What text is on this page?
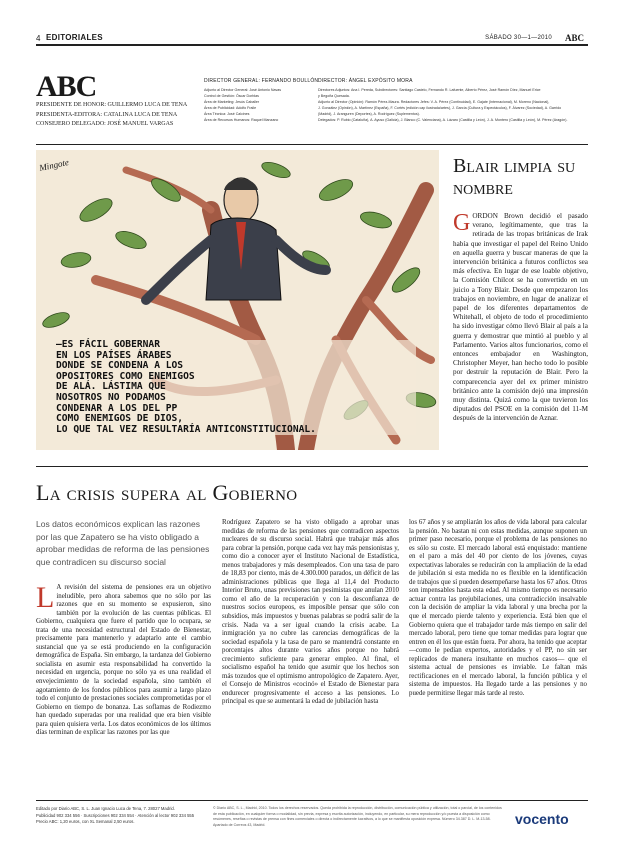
4 EDITORIALES	SÁBADO 30—1—2010 ABC
ABC
PRESIDENTE DE HONOR: GUILLERMO LUCA DE TENA
PRESIDENTA-EDITORA: CATALINA LUCA DE TENA
CONSEJERO DELEGADO: JOSÉ MANUEL VARGAS
DIRECTOR GENERAL: FERNANDO BOULLÓN
Adjunto al Director General: José Antonio Navas
Control de Gestión: Óscar Dorblas
Área de Marketing: Jesús Caballer
Área de Publicidad: Adolfo Fraile
Área Técnica: José Calcines
Área de Recursos Humanos: Raquel Manzano
DIRECTOR: ÁNGEL EXPÓSITO MORA
Directores Adjuntos: Ana I. Pereda, Subdirectores: Santiago Castelo, Fernando R. Lafuente, Alberto Pérez, José Ramón Díez, Manuel Erice
y Begoña Quesada.
Adjunto al Director (Opinión): Ramón Pérez-Maura. Redactores Jefes: V. A. Pérez (Continuidad), E. Gajate (Internacional), M. Moreno (Nacional),
J. González (Opinión), A. Martínez (España), F. Cortés (edición cap ilustrada/artes), J. García (Cultura y Espectáculos), F. Álvarez (Sociedad), A. Garrido
(Madrid), J. Aranguren (Deportes), A. Rodríguez (Suplementos).
Delegados: P. Rubio (Cataluña), A. Ayuso (Galicia), J. Blanco (C. Valenciana), A. Lázaro (Castilla y León), J. A. Montero (Castilla y León), M. Pérez (Aragón).
Mingote
—ES FÁCIL GOBERNAR
EN LOS PAÍSES ÁRABES
DONDE SE CONDENA A LOS
OPOSITORES COMO ENEMIGOS
DE ALÁ. LÁSTIMA QUE
NOSOTROS NO PODAMOS
CONDENAR A LOS DEL PP
COMO ENEMIGOS DE DIOS,
LO QUE TAL VEZ RESULTARÍA ANTICONSTITUCIONAL.
Blair limpia su nombre
GORDON Brown decidió el pasado verano, legítimamente, que tras la retirada de las tropas británicas de Irak había que investigar el papel del Reino Unido en aquella guerra y buscar maneras de que la intervención británica a futuros conflictos sea más efectiva. En lugar de ese loable objetivo, la Comisión Chilcot se ha convertido en un juicio a Tony Blair. Desde que empezaron los trabajos en noviembre, en lugar de analizar el papel de los diferentes departamentos de Whitehall, el objeto de todo el procedimiento ha sido investigar cómo llevó Blair al país a la guerra y demostrar que mintió al pueblo y al Parlamento. Varios altos funcionarios, como el entonces embajador en Washington, Christopher Meyer, han hecho todo lo posible por destruir la reputación de Blair. Pero la comparecencia ayer del ex primer ministro británico ante la comisión dejó una impresión muy distinta. Quizá como la que tuvieron los diputados del PSOE en la comisión del 11-M después de la intervención de Aznar.
La crisis supera al Gobierno
Los datos económicos explican las razones por las que Zapatero se ha visto obligado a aprobar medidas de reforma de las pensiones que contradicen su discurso social
L A revisión del sistema de pensiones era un objetivo ineludible, pero ahora sabemos que no sólo por las razones que en su momento se expusieron, sino también por la evolución de las cuentas públicas. El Gobierno, cualquiera que fuere el partido que lo ocupara, se trata de una necesidad estructural del Estado de Bienestar, precisamente para mantenerlo y adaptarlo ante el cambio sustancial que ya se está produciendo en la configuración demográfica de España. Sin embargo, la tardanza del Gobierno socialista en asumir esta responsabilidad ha convertido la necesidad en urgencia, porque no sólo ya es una realidad el envejecimiento de la sociedad española, sino también el agotamiento de los fondos públicos para asumir a largo plazo todo el conjunto de prestaciones sociales comprometidas por el Gobierno en tiempo de bonanza. Las soflamas de Rodiezmo han quedado superadas por una realidad que era bien visible para quien quisiera verla. Los datos económicos de los últimos días terminan de explicar las razones por las que
Rodríguez Zapatero se ha visto obligado a aprobar unas medidas de reforma de las pensiones que contradicen aspectos nucleares de su discurso social. Habrá que trabajar más años para cobrar la pensión, porque cada vez hay más pensionistas y, como dio a conocer ayer el Instituto Nacional de Estadística, menos trabajadores y más desempleados. Con una tasa de paro de 18,83 por ciento, más de 4.300.000 parados, un déficit de las administraciones públicas que llega al 11,4 del Producto Interior Bruto, unas previsiones tan pesimistas que anulan 2010 como el año de la recuperación y con la desconfianza de nuestros socios europeos, es imposible pensar que sólo con subsidios, más impuestos y buenas palabras se podrá salir de la crisis. Nada va a ser igual cuando la crisis acabe. La inmigración ya no cubre las carencias demográficas de la sociedad española y la tasa de paro se mantendrá constante en porcentajes altos durante varios años porque no habrá crecimiento suficiente para generar empleo. Al final, el socialismo español ha tenido que asumir que los hechos son más tozudos que el optimismo antropológico de Zapatero. Ayer, el Consejo de Ministros «cocinó» el Estado de Bienestar para endurecer progresivamente el acceso a las pensiones. Lo principal es que se aumentará la edad de jubilación hasta
los 67 años y se ampliarán los años de vida laboral para calcular la pensión. No bastan ni con estas medidas, aunque suponen un primer paso necesario, porque el problema de las pensiones no es sólo su coste. El mercado laboral está enquistado: mantiene en el paro a más del 40 por ciento de los jóvenes, cuyas expectativas laborales se reducirán con la ampliación de la edad de jubilación si esta medida no es flexible en la identificación de trabajos que sí pueden desempeñarse hasta los 67 años. Otros son impensables hasta esta edad. Al mismo tiempo es necesario actuar contra las prejubilaciones, una contradicción insalvable con la decisión de ampliar la vida laboral y una brecha por la que el mercado pierde talento y experiencia. Está bien que el Gobierno quiera que el trabajador tarde más tiempo en salir del mercado laboral, pero tiene que tomar medidas para lograr que entren en él los que están fuera. Por ahora, ha tenido que aceptar —como le pedían expertos, autoridades y el PP, no sin ser replicados de manera insultante en muchos casos— que el sistema actual de pensiones es inviable. Le faltan más rectificaciones en el mercado laboral, la función pública y el sistema de impuestos. Ha llegado tarde a las pensiones y no puede permitirse llegar más tarde al resto.
Editado por Diario ABC, S. L. Juan Ignacio Luca de Tena, 7. 28027 Madrid.
Publicidad 902 334 556 · Suscripciones 902 334 554 · Atención al lector 902 334 555
Precio ABC: 1,20 euros, con XL Semanal 2,50 euros.
© Diario ABC, S. L., Madrid, 2010. Todos los derechos reservados. Queda prohibida la reproducción, distribución, comunicación pública y utilización, total o parcial, de los contenidos de esta publicación, en cualquier forma o modalidad, sin previa, expresa y escrita autorización, incluyendo, en particular, su mera reproducción y/o puesta a disposición como resúmenes, reseñas o revistas de prensa con fines comerciales o directa o indirectamente lucrativos, a lo que se manifiesta oposición expresa. Número 34.387 D. L. M-13-58. Apartado de Correos 43, Madrid.	vocento
